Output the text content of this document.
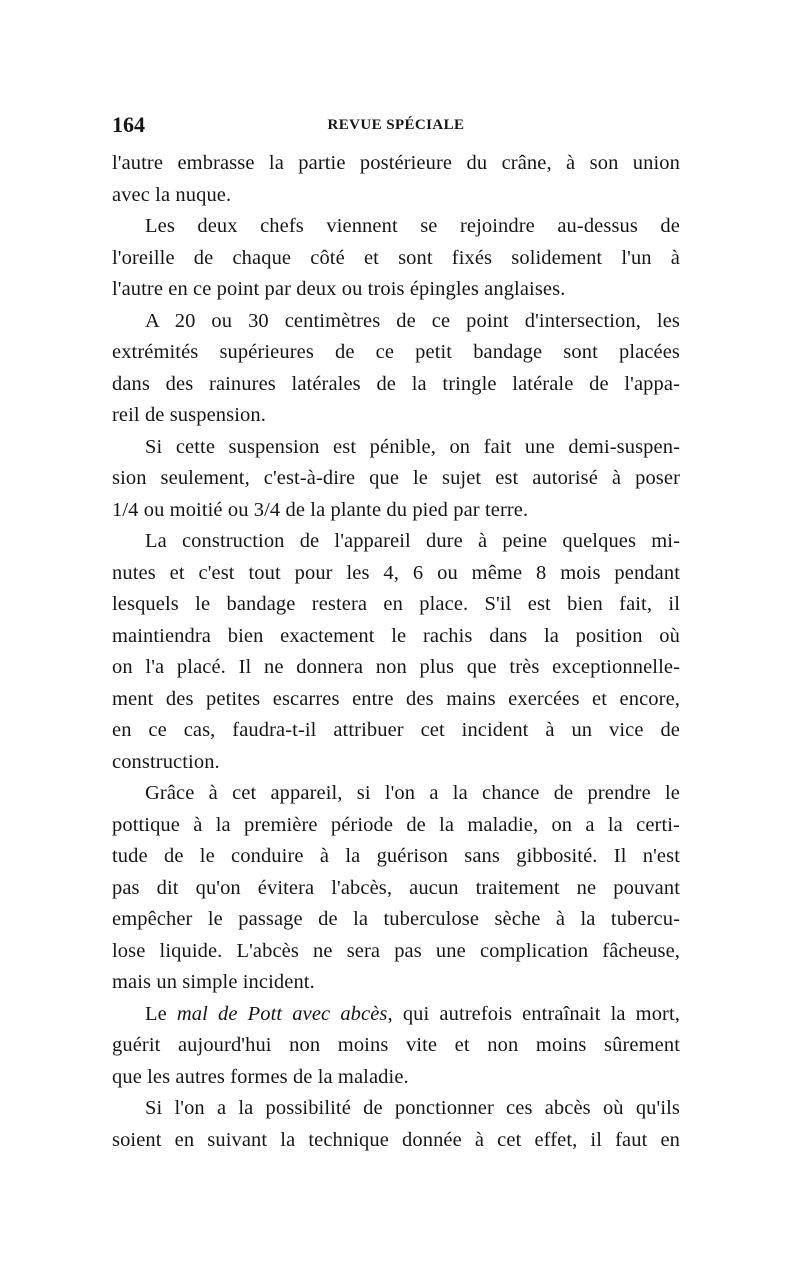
164	REVUE SPÉCIALE
l'autre embrasse la partie postérieure du crâne, à son union
avec la nuque.
Les deux chefs viennent se rejoindre au-dessus de
l'oreille de chaque côté et sont fixés solidement l'un à
l'autre en ce point par deux ou trois épingles anglaises.
A 20 ou 30 centimètres de ce point d'intersection, les
extrémités supérieures de ce petit bandage sont placées
dans des rainures latérales de la tringle latérale de l'appa-
reil de suspension.
Si cette suspension est pénible, on fait une demi-suspen-
sion seulement, c'est-à-dire que le sujet est autorisé à poser
1/4 ou moitié ou 3/4 de la plante du pied par terre.
La construction de l'appareil dure à peine quelques mi-
nutes et c'est tout pour les 4, 6 ou même 8 mois pendant
lesquels le bandage restera en place. S'il est bien fait, il
maintiendra bien exactement le rachis dans la position où
on l'a placé. Il ne donnera non plus que très exceptionnelle-
ment des petites escarres entre des mains exercées et encore,
en ce cas, faudra-t-il attribuer cet incident à un vice de
construction.
Grâce à cet appareil, si l'on a la chance de prendre le
pottique à la première période de la maladie, on a la certi-
tude de le conduire à la guérison sans gibbosité. Il n'est
pas dit qu'on évitera l'abcès, aucun traitement ne pouvant
empêcher le passage de la tuberculose sèche à la tubercu-
lose liquide. L'abcès ne sera pas une complication fâcheuse,
mais un simple incident.
Le mal de Pott avec abcès, qui autrefois entraînait la mort,
guérit aujourd'hui non moins vite et non moins sûrement
que les autres formes de la maladie.
Si l'on a la possibilité de ponctionner ces abcès où qu'ils
soient en suivant la technique donnée à cet effet, il faut en
